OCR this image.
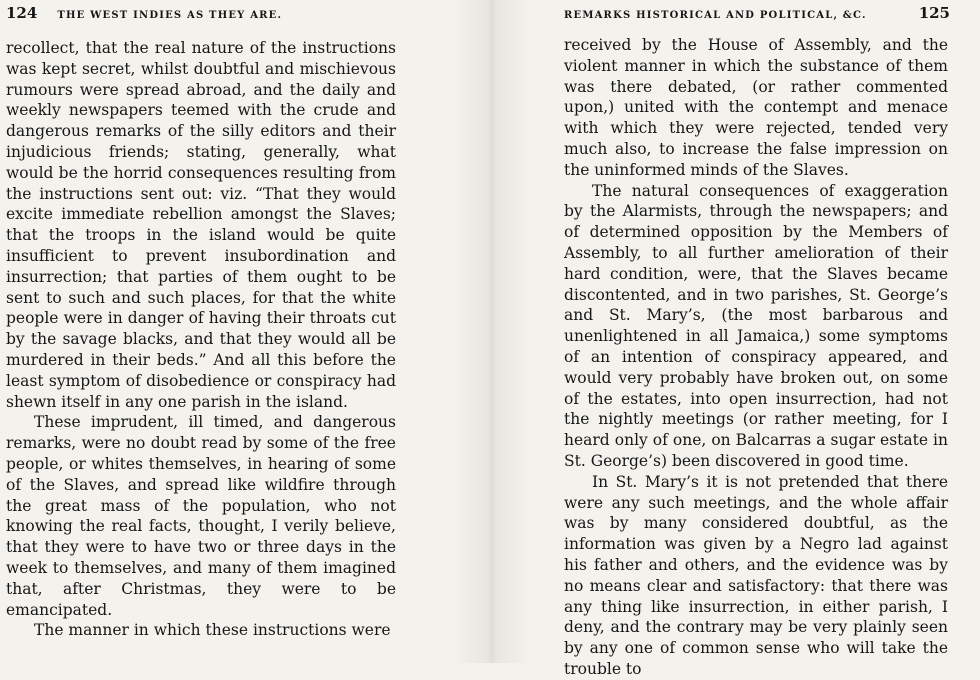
124 THE WEST INDIES AS THEY ARE.

recollect, that the real nature of the instructions was kept secret, whilst doubtful and mischievous rumours were spread abroad, and the daily and weekly newspapers teemed with the crude and dangerous remarks of the silly editors and their injudicious friends; stating, generally, what would be the horrid consequences resulting from the instructions sent out: viz. “That they would excite immediate rebellion amongst the Slaves; that the troops in the island would be quite insufficient to prevent insubordination and insurrection; that parties of them ought to be sent to such and such places, for that the white people were in danger of having their throats cut by the savage blacks, and that they would all be murdered in their beds.” And all this before the least symptom of disobedience or conspiracy had shewn itself in any one parish in the island.

These imprudent, ill timed, and dangerous remarks, were no doubt read by some of the free people, or whites themselves, in hearing of some of the Slaves, and spread like wildfire through the great mass of the population, who not knowing the real facts, thought, I verily believe, that they were to have two or three days in the week to themselves, and many of them imagined that, after Christmas, they were to be emancipated.

The manner in which these instructions were

REMARKS HISTORICAL AND POLITICAL, &C.	125

received by the House of Assembly, and the violent manner in which the substance of them was there debated, (or rather commented upon,) united with the contempt and menace with which they were rejected, tended very much also, to increase the false impression on the uninformed minds of the Slaves.

The natural consequences of exaggeration by the Alarmists, through the newspapers; and of determined opposition by the Members of Assembly, to all further amelioration of their hard condition, were, that the Slaves became discontented, and in two parishes, St. George’s and St. Mary’s, (the most barbarous and unenlightened in all Jamaica,) some symptoms of an intention of conspiracy appeared, and would very probably have broken out, on some of the estates, into open insurrection, had not the nightly meetings (or rather meeting, for I heard only of one, on Balcarras a sugar estate in St. George’s) been discovered in good time.

In St. Mary’s it is not pretended that there were any such meetings, and the whole affair was by many considered doubtful, as the information was given by a Negro lad against his father and others, and the evidence was by no means clear and satisfactory: that there was any thing like insurrection, in either parish, I deny, and the contrary may be very plainly seen by any one of common sense who will take the trouble to
